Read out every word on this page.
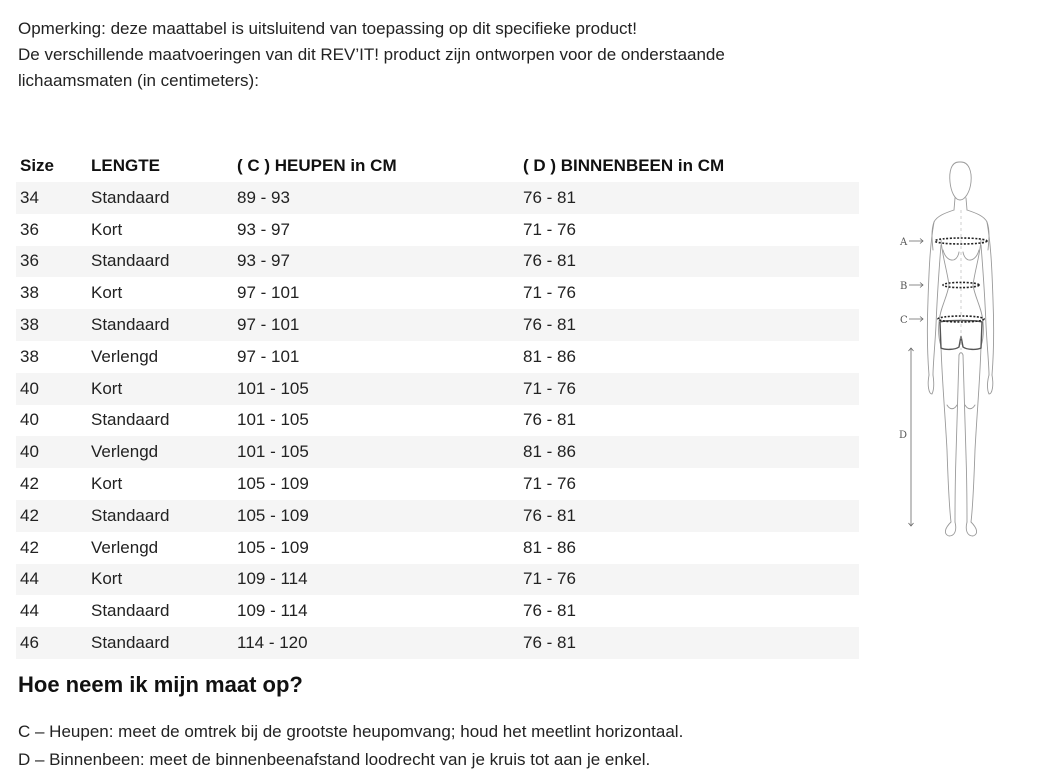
Opmerking: deze maattabel is uitsluitend van toepassing op dit specifieke product!

De verschillende maatvoeringen van dit REV’IT! product zijn ontworpen voor de onderstaande

lichaamsmaten (in centimeters):

Size	LENGTE	( C ) HEUPEN in CM	( D ) BINNENBEEN in CM
34	Standaard	89 - 93	76 - 81
36	Kort	93 - 97	71 - 76
36	Standaard	93 - 97	76 - 81
38	Kort	97 - 101	71 - 76
38	Standaard	97 - 101	76 - 81
38	Verlengd	97 - 101	81 - 86
40	Kort	101 - 105	71 - 76
40	Standaard	101 - 105	76 - 81
40	Verlengd	101 - 105	81 - 86
42	Kort	105 - 109	71 - 76
42	Standaard	105 - 109	76 - 81
42	Verlengd	105 - 109	81 - 86
44	Kort	109 - 114	71 - 76
44	Standaard	109 - 114	76 - 81
46	Standaard	114 - 120	76 - 81
A
B
C
D
Hoe neem ik mijn maat op?

C – Heupen: meet de omtrek bij de grootste heupomvang; houd het meetlint horizontaal.

D – Binnenbeen: meet de binnenbeenafstand loodrecht van je kruis tot aan je enkel.
